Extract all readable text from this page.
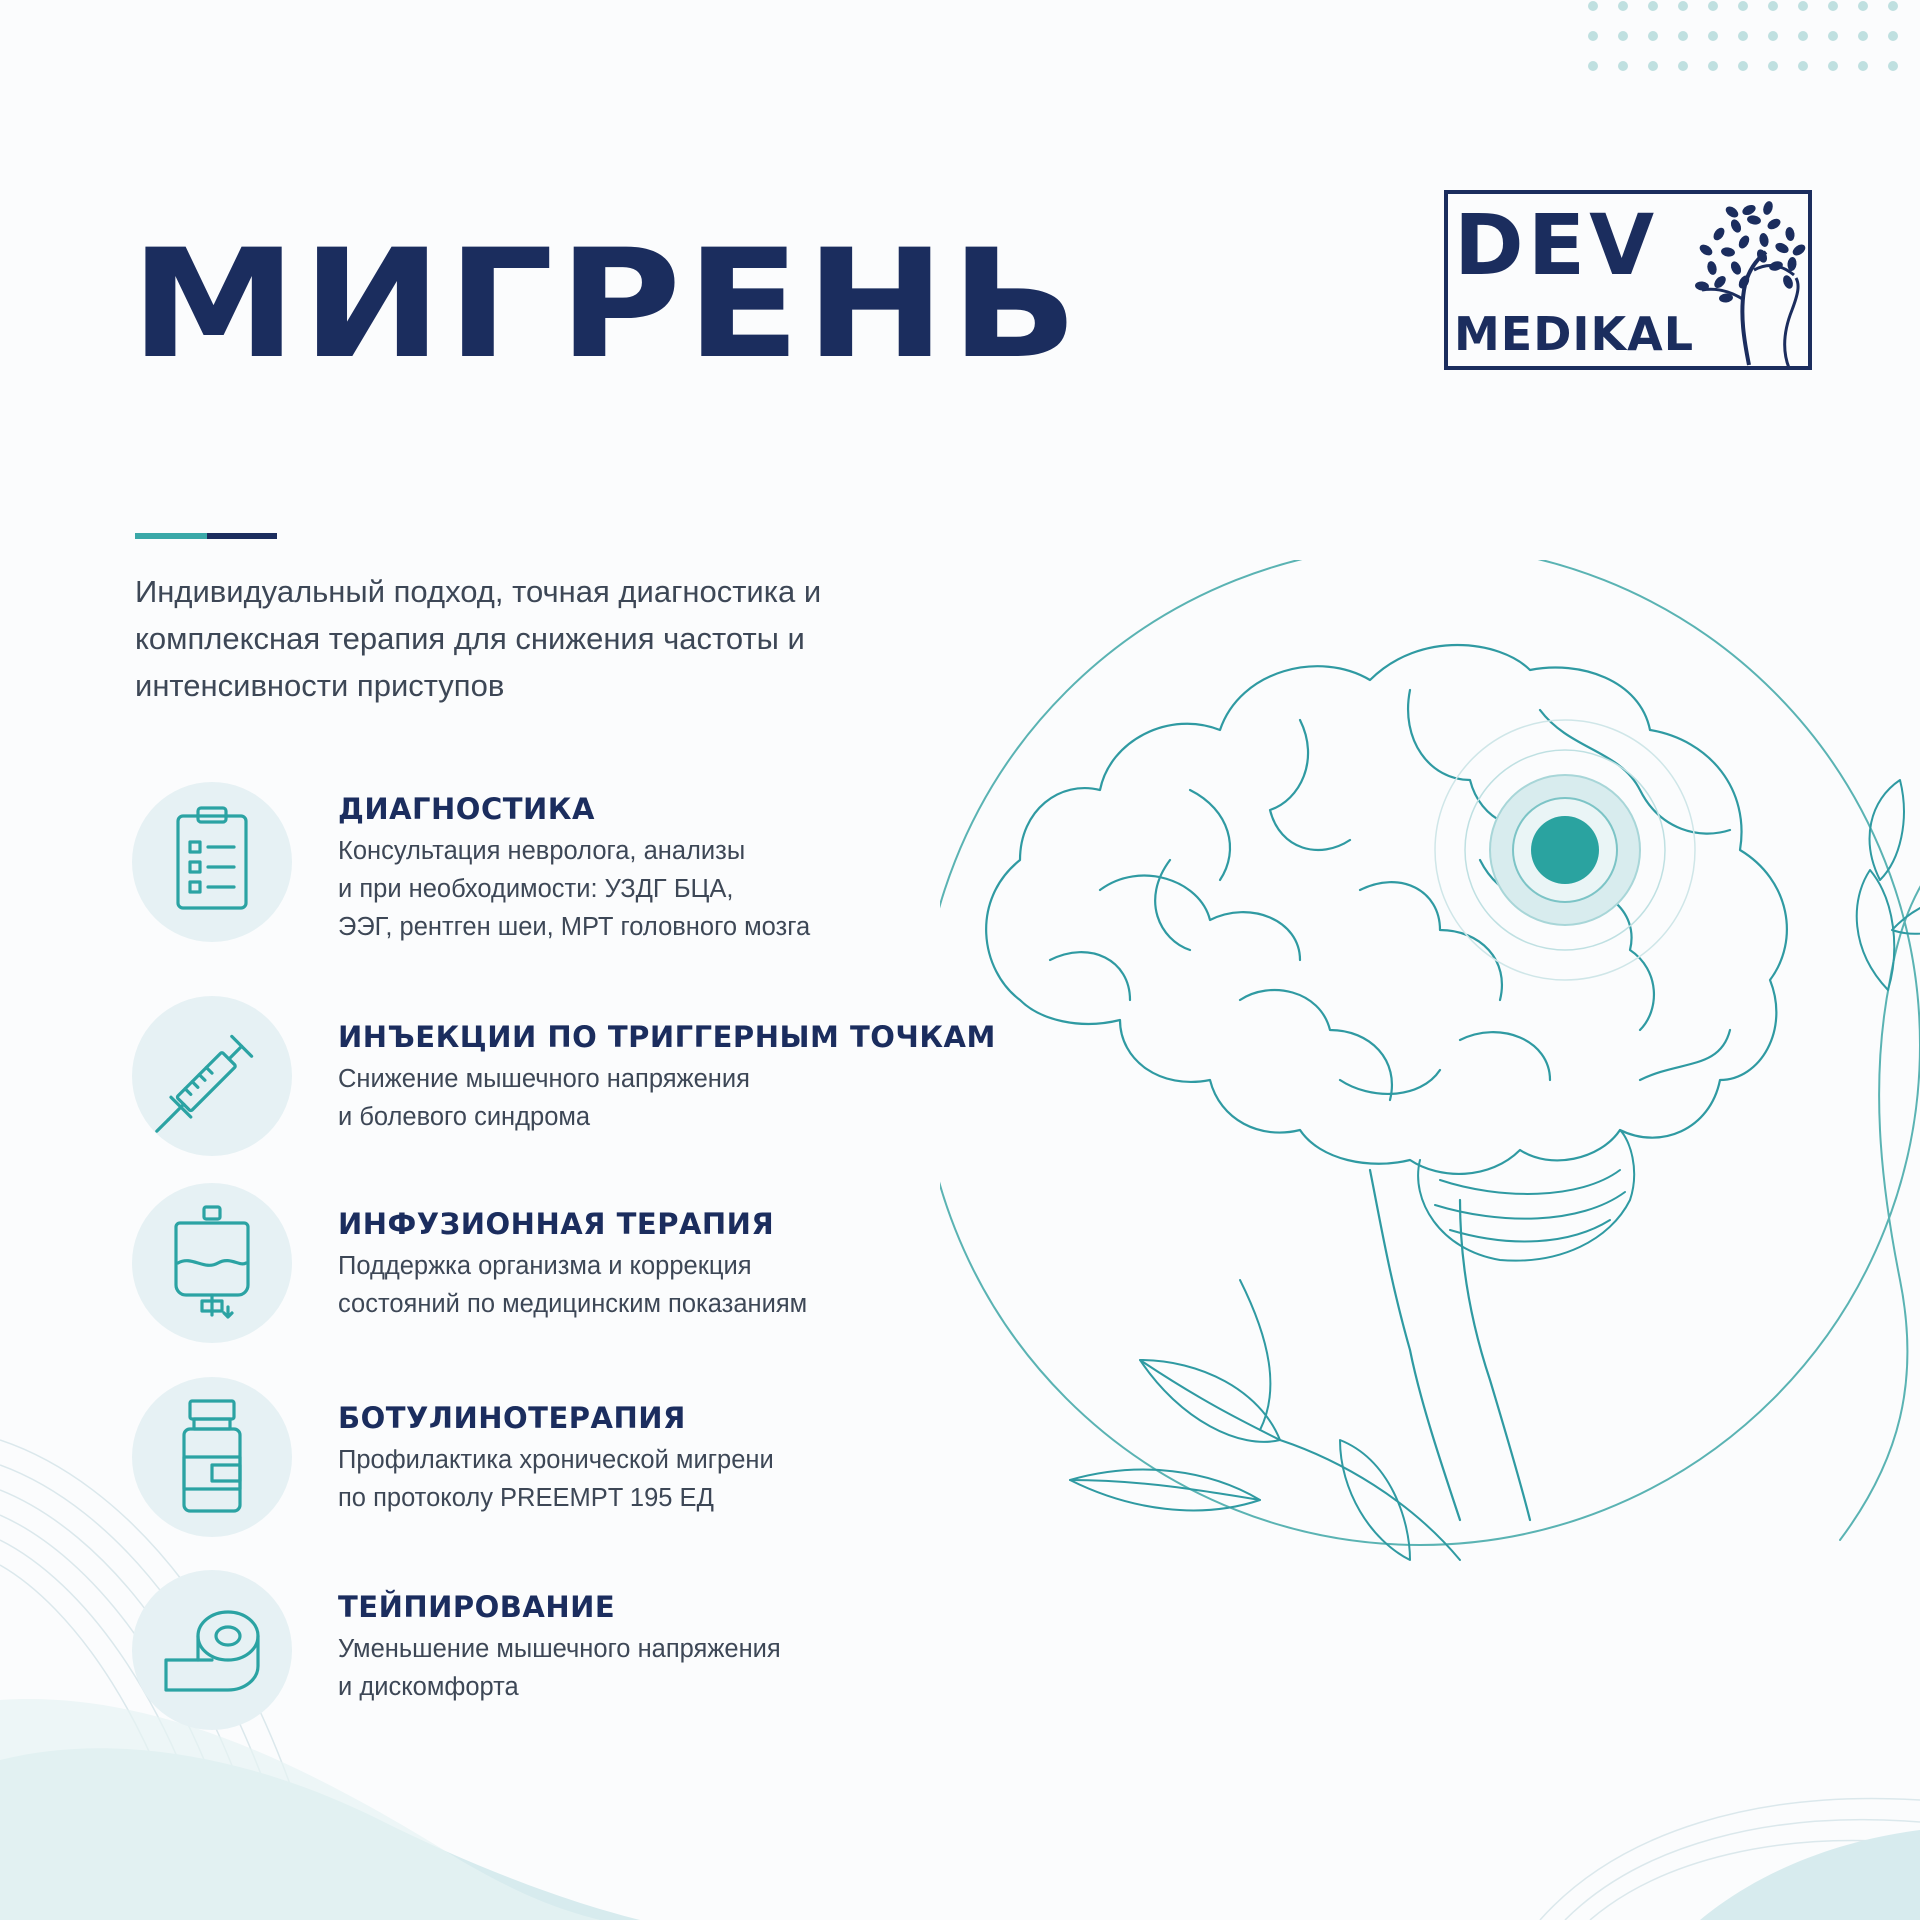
МИГРЕНЬ	DEV
MEDIKAL

Индивидуальный подход, точная диагностика и комплексная терапия для снижения частоты и интенсивности приступов

ДИАГНОСТИКА

Консультация невролога, анализы

и при необходимости: УЗДГ БЦА,

ЭЭГ, рентген шеи, МРТ головного мозга

ИНЪЕКЦИИ ПО ТРИГГЕРНЫМ ТОЧКАМ

Снижение мышечного напряжения

и болевого синдрома

ИНФУЗИОННАЯ ТЕРАПИЯ

Поддержка организма и коррекция

состояний по медицинским показаниям

БОТУЛИНОТЕРАПИЯ

Профилактика хронической мигрени

по протоколу PREEMPT 195 ЕД

ТЕЙПИРОВАНИЕ

Уменьшение мышечного напряжения

и дискомфорта
